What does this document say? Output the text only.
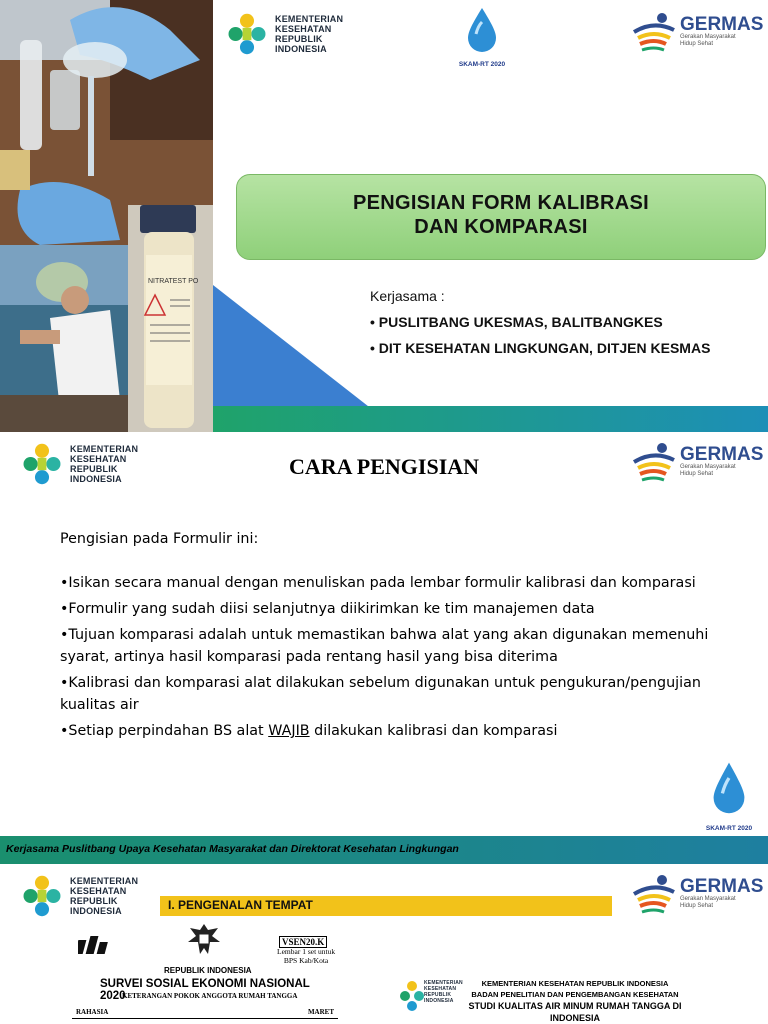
NITRATEST PO
KEMENTERIAN
KESEHATAN
REPUBLIK
INDONESIA
SKAM-RT 2020
GERMAS
Gerakan Masyarakat
Hidup Sehat
PENGISIAN FORM KALIBRASI
DAN KOMPARASI
Kerjasama :
• PUSLITBANG UKESMAS, BALITBANGKES
• DIT KESEHATAN LINGKUNGAN, DITJEN KESMAS
KEMENTERIAN
KESEHATAN
REPUBLIK
INDONESIA	CARA PENGISIAN	GERMAS
Gerakan Masyarakat
Hidup Sehat

Pengisian pada Formulir ini:

•Isikan secara manual dengan menuliskan pada lembar formulir kalibrasi dan komparasi

•Formulir yang sudah diisi selanjutnya diikirimkan ke tim manajemen data

•Tujuan komparasi adalah untuk memastikan bahwa alat yang akan digunakan memenuhi syarat, artinya hasil komparasi pada rentang hasil yang bisa diterima

•Kalibrasi dan komparasi alat dilakukan sebelum digunakan untuk pengukuran/pengujian kualitas air

•Setiap perpindahan BS alat WAJIB dilakukan kalibrasi dan komparasi

SKAM-RT 2020
Kerjasama Puslitbang Upaya Kesehatan Masyarakat dan Direktorat Kesehatan Lingkungan
KEMENTERIAN
KESEHATAN
REPUBLIK
INDONESIA	I. PENGENALAN TEMPAT
GERMAS
Gerakan Masyarakat
Hidup Sehat
VSEN20.K
Lembar 1 set untuk
BPS Kab/Kota
REPUBLIK INDONESIA
SURVEI SOSIAL EKONOMI NASIONAL 2020
KETERANGAN POKOK ANGGOTA RUMAH TANGGA
RAHASIA	MARET
KEMENTERIAN
KESEHATAN
REPUBLIK
INDONESIA
KEMENTERIAN KESEHATAN REPUBLIK INDONESIA
BADAN PENELITIAN DAN PENGEMBANGAN KESEHATAN
STUDI KUALITAS AIR MINUM RUMAH TANGGA DI INDONESIA
